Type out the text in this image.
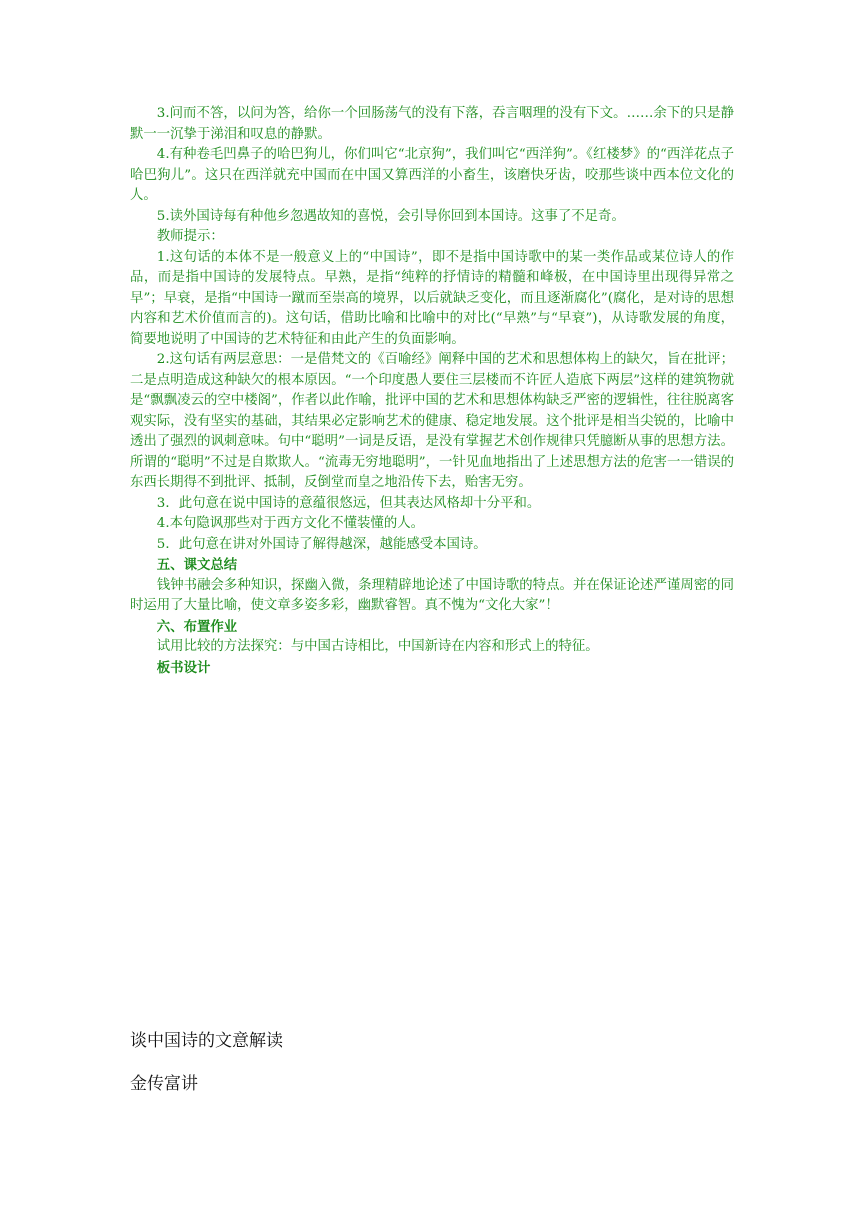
3.问而不答，以问为答，给你一个回肠荡气的没有下落，吞言咽理的没有下文。……余下的只是静默一一沉挚于涕泪和叹息的静默。

4.有种卷毛凹鼻子的哈巴狗儿，你们叫它“北京狗”，我们叫它“西洋狗”。《红楼梦》的“西洋花点子哈巴狗儿”。这只在西洋就充中国而在中国又算西洋的小畜生，该磨快牙齿，咬那些谈中西本位文化的人。

5.读外国诗每有种他乡忽遇故知的喜悦，会引导你回到本国诗。这事了不足奇。

教师提示：

1.这句话的本体不是一般意义上的“中国诗”，即不是指中国诗歌中的某一类作品或某位诗人的作品，而是指中国诗的发展特点。早熟，是指“纯粹的抒情诗的精髓和峰极，在中国诗里出现得异常之早”；早衰，是指“中国诗一蹴而至崇高的境界，以后就缺乏变化，而且逐渐腐化”(腐化，是对诗的思想内容和艺术价值而言的)。这句话，借助比喻和比喻中的对比(“早熟”与“早衰”)，从诗歌发展的角度，简要地说明了中国诗的艺术特征和由此产生的负面影响。

2.这句话有两层意思：一是借梵文的《百喻经》阐释中国的艺术和思想体构上的缺欠，旨在批评；二是点明造成这种缺欠的根本原因。“一个印度愚人要住三层楼而不许匠人造底下两层”这样的建筑物就是“飘飘凌云的空中楼阁”，作者以此作喻，批评中国的艺术和思想体构缺乏严密的逻辑性，往往脱离客观实际，没有坚实的基础，其结果必定影响艺术的健康、稳定地发展。这个批评是相当尖锐的，比喻中透出了强烈的讽刺意味。句中“聪明”一词是反语，是没有掌握艺术创作规律只凭臆断从事的思想方法。所谓的“聪明”不过是自欺欺人。“流毒无穷地聪明”，一针见血地指出了上述思想方法的危害一一错误的东西长期得不到批评、抵制，反倒堂而皇之地沿传下去，贻害无穷。

3．此句意在说中国诗的意蕴很悠远，但其表达风格却十分平和。

4.本句隐讽那些对于西方文化不懂装懂的人。

5．此句意在讲对外国诗了解得越深，越能感受本国诗。

五、课文总结

钱钟书融会多种知识，探幽入微，条理精辟地论述了中国诗歌的特点。并在保证论述严谨周密的同时运用了大量比喻，使文章多姿多彩，幽默睿智。真不愧为“文化大家”！

六、布置作业

试用比较的方法探究：与中国古诗相比，中国新诗在内容和形式上的特征。

板书设计

谈中国诗的文意解读
金传富讲
